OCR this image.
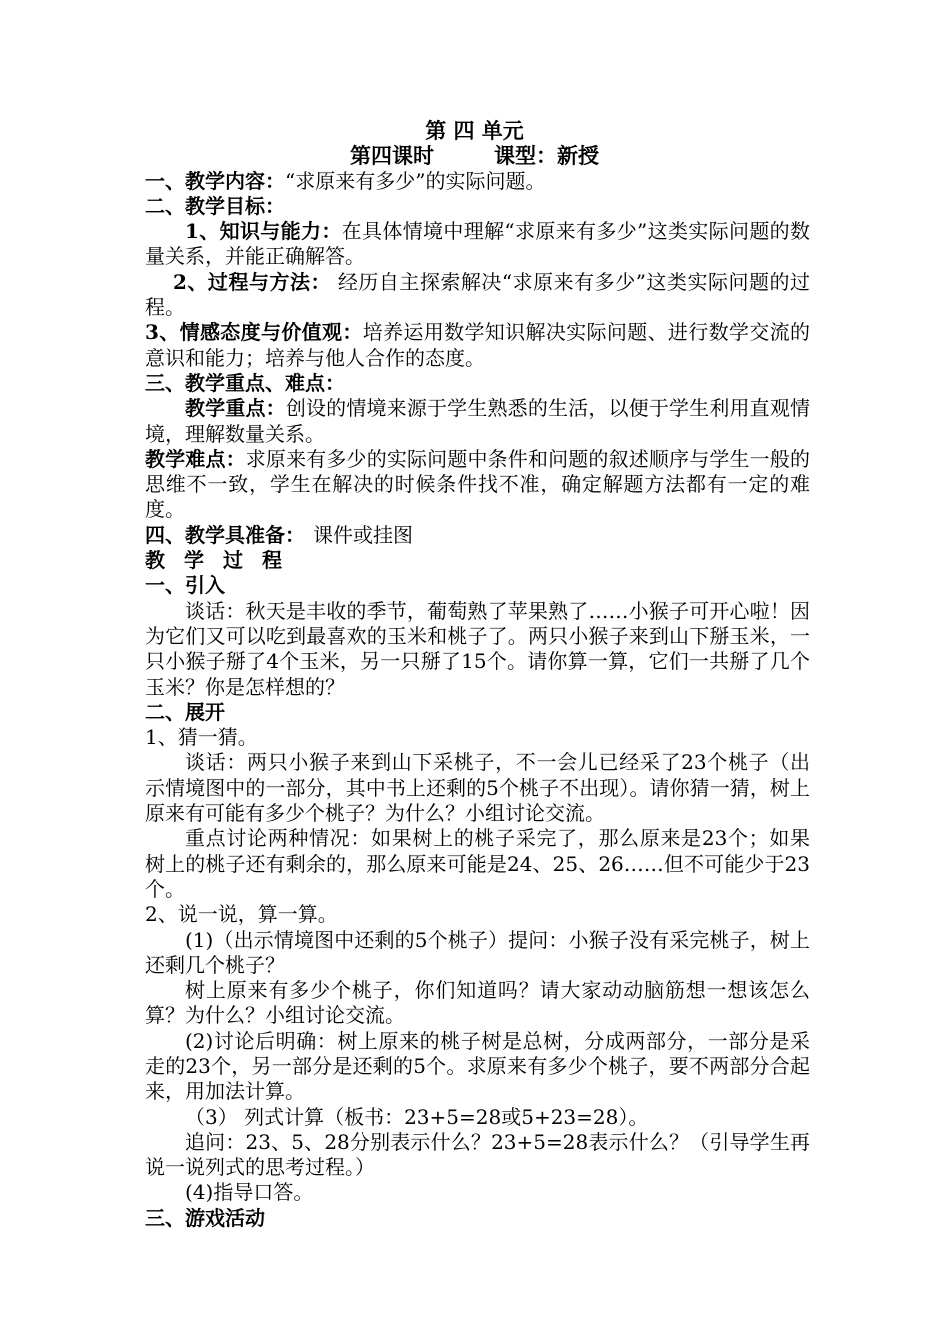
第 四 单元
第四课时	课型：新授
一、教学内容：“求原来有多少”的实际问题。
二、教学目标：
1、知识与能力：在具体情境中理解“求原来有多少”这类实际问题的数量关系，并能正确解答。
2、过程与方法： 经历自主探索解决“求原来有多少”这类实际问题的过程。
3、情感态度与价值观：培养运用数学知识解决实际问题、进行数学交流的意识和能力；培养与他人合作的态度。
三、教学重点、难点：
教学重点：创设的情境来源于学生熟悉的生活，以便于学生利用直观情境，理解数量关系。
教学难点：求原来有多少的实际问题中条件和问题的叙述顺序与学生一般的思维不一致，学生在解决的时候条件找不准，确定解题方法都有一定的难度。
四、教学具准备： 课件或挂图
教学过程
一、引入
谈话：秋天是丰收的季节，葡萄熟了苹果熟了……小猴子可开心啦！因为它们又可以吃到最喜欢的玉米和桃子了。两只小猴子来到山下掰玉米，一只小猴子掰了4个玉米，另一只掰了15个。请你算一算，它们一共掰了几个玉米？你是怎样想的？
二、展开
1、猜一猜。
谈话：两只小猴子来到山下采桃子，不一会儿已经采了23个桃子（出示情境图中的一部分，其中书上还剩的5个桃子不出现）。请你猜一猜，树上原来有可能有多少个桃子？为什么？小组讨论交流。
重点讨论两种情况：如果树上的桃子采完了，那么原来是23个；如果树上的桃子还有剩余的，那么原来可能是24、25、26……但不可能少于23个。
2、说一说，算一算。
(1)（出示情境图中还剩的5个桃子）提问：小猴子没有采完桃子，树上还剩几个桃子？
树上原来有多少个桃子，你们知道吗？请大家动动脑筋想一想该怎么算？为什么？小组讨论交流。
(2)讨论后明确：树上原来的桃子树是总树，分成两部分，一部分是采走的23个，另一部分是还剩的5个。求原来有多少个桃子，要不两部分合起来，用加法计算。
（3） 列式计算（板书：23+5=28或5+23=28）。
追问：23、5、28分别表示什么？23+5=28表示什么？（引导学生再说一说列式的思考过程。）
(4)指导口答。
三、游戏活动
